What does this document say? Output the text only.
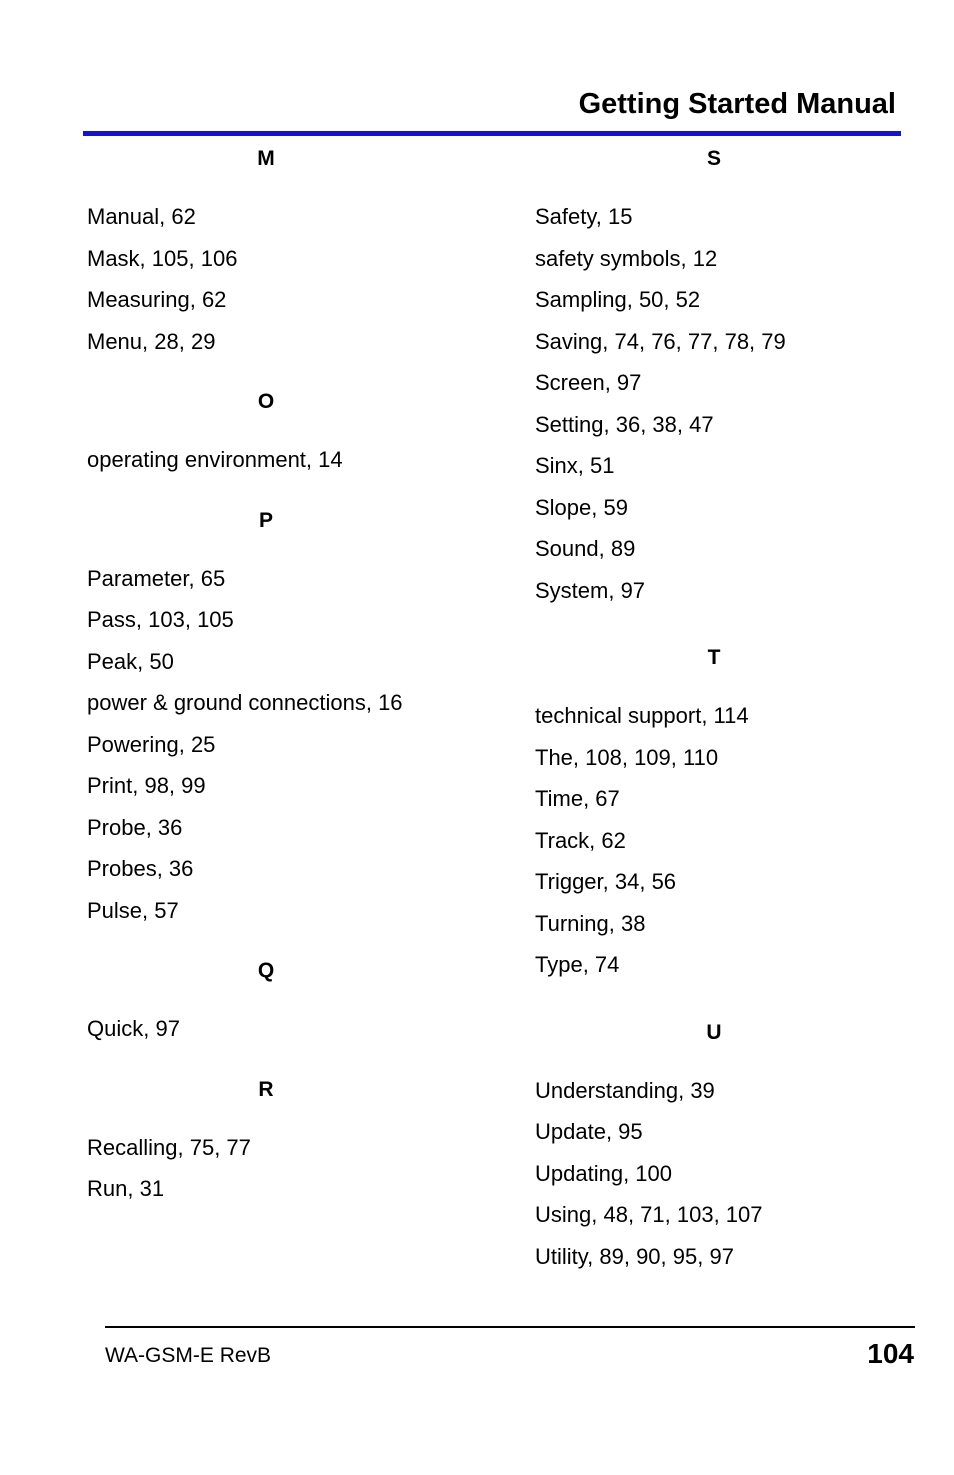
Getting Started Manual
M
Manual, 62
Mask, 105, 106
Measuring, 62
Menu, 28, 29
O
operating environment, 14
P
Parameter, 65
Pass, 103, 105
Peak, 50
power & ground connections, 16
Powering, 25
Print, 98, 99
Probe, 36
Probes, 36
Pulse, 57
Q
Quick, 97
R
Recalling, 75, 77
Run, 31
S
Safety, 15
safety symbols, 12
Sampling, 50, 52
Saving, 74, 76, 77, 78, 79
Screen, 97
Setting, 36, 38, 47
Sinx, 51
Slope, 59
Sound, 89
System, 97
T
technical support, 114
The, 108, 109, 110
Time, 67
Track, 62
Trigger, 34, 56
Turning, 38
Type, 74
U
Understanding, 39
Update, 95
Updating, 100
Using, 48, 71, 103, 107
Utility, 89, 90, 95, 97
WA-GSM-E RevB	104
